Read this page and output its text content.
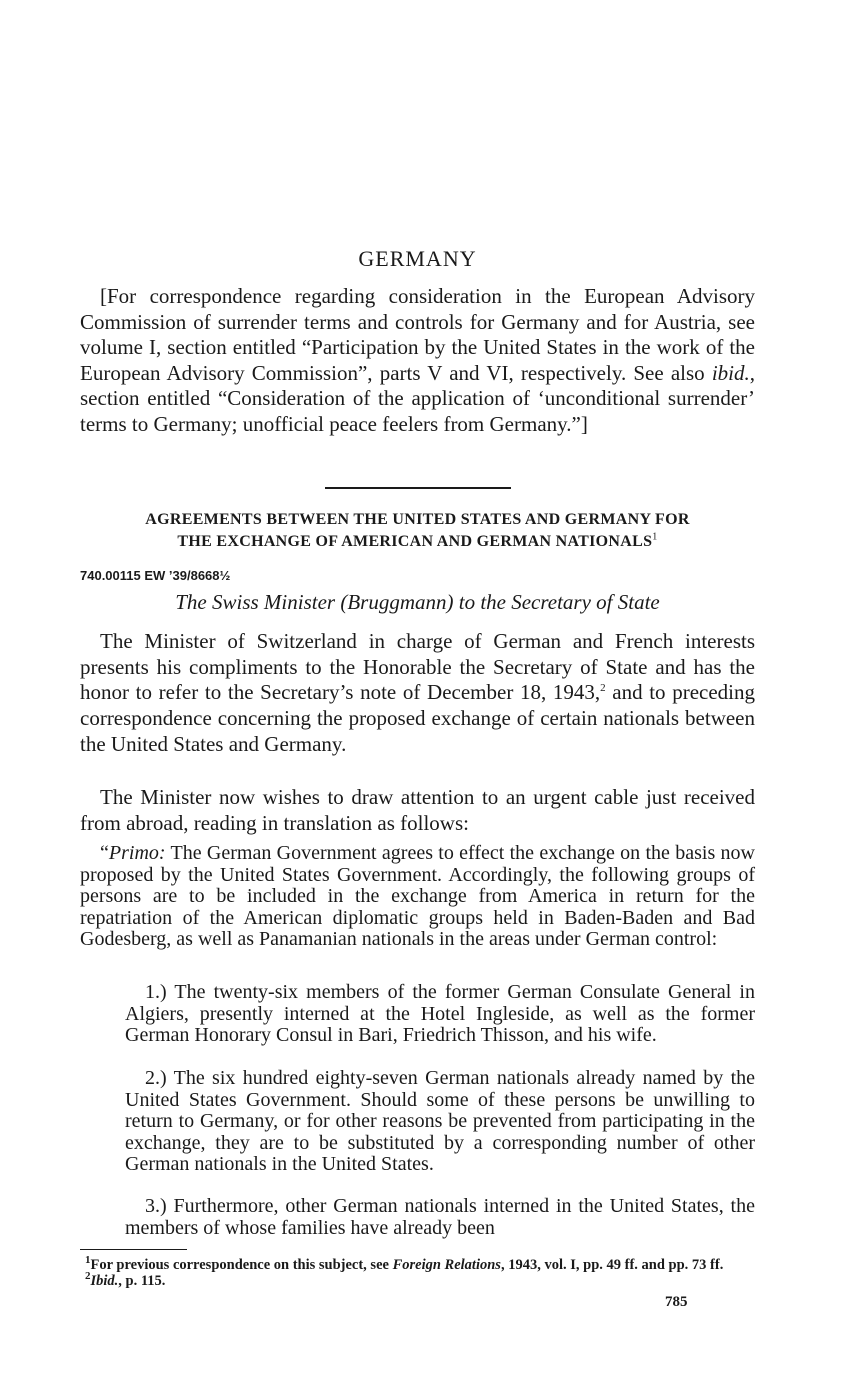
GERMANY

[For correspondence regarding consideration in the European Advisory Commission of surrender terms and controls for Germany and for Austria, see volume I, section entitled “Participation by the United States in the work of the European Advisory Commission”, parts V and VI, respectively. See also ibid., section entitled “Consideration of the application of ‘unconditional surrender’ terms to Germany; unofficial peace feelers from Germany.”]

AGREEMENTS BETWEEN THE UNITED STATES AND GERMANY FOR
THE EXCHANGE OF AMERICAN AND GERMAN NATIONALS$^1$
740.00115 EW ’39/8668½
The Swiss Minister (Bruggmann) to the Secretary of State

The Minister of Switzerland in charge of German and French interests presents his compliments to the Honorable the Secretary of State and has the honor to refer to the Secretary’s note of December 18, 1943,$^2$ and to preceding correspondence concerning the proposed exchange of certain nationals between the United States and Germany.

The Minister now wishes to draw attention to an urgent cable just received from abroad, reading in translation as follows:

“Primo: The German Government agrees to effect the exchange on the basis now proposed by the United States Government. Accordingly, the following groups of persons are to be included in the exchange from America in return for the repatriation of the American diplomatic groups held in Baden-Baden and Bad Godesberg, as well as Panamanian nationals in the areas under German control:

1.) The twenty-six members of the former German Consulate General in Algiers, presently interned at the Hotel Ingleside, as well as the former German Honorary Consul in Bari, Friedrich Thisson, and his wife.

2.) The six hundred eighty-seven German nationals already named by the United States Government. Should some of these persons be unwilling to return to Germany, or for other reasons be prevented from participating in the exchange, they are to be substituted by a corresponding number of other German nationals in the United States.

3.) Furthermore, other German nationals interned in the United States, the members of whose families have already been

$^1$For previous correspondence on this subject, see Foreign Relations, 1943, vol. I, pp. 49 ff. and pp. 73 ff.

$^2$Ibid., p. 115.

785
